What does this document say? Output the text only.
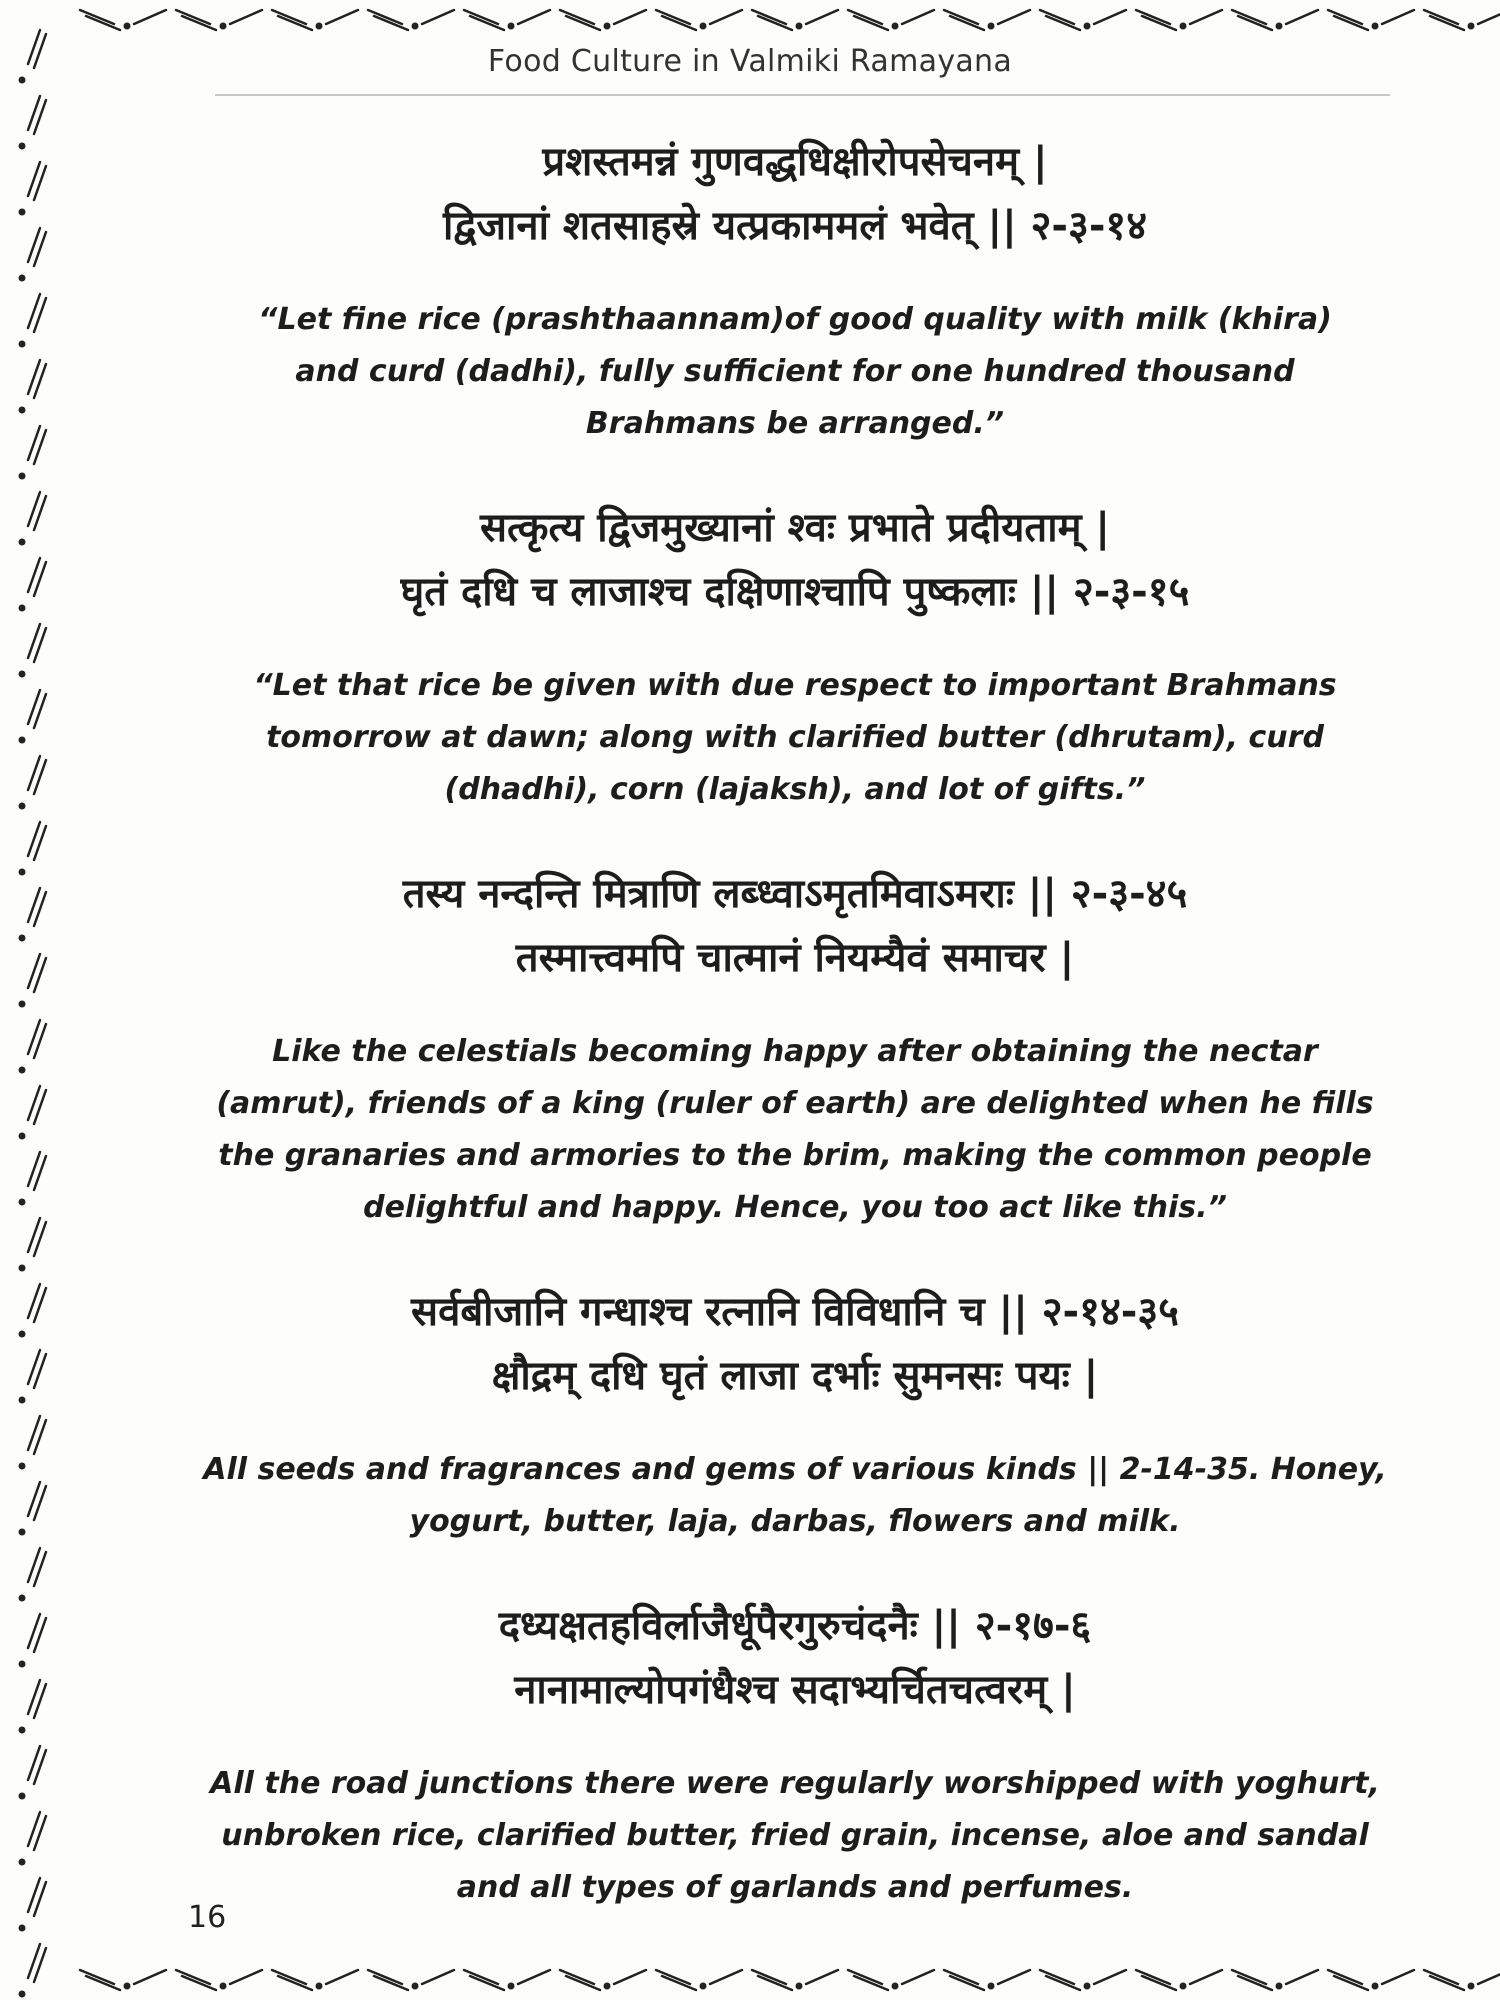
Food Culture in Valmiki Ramayana
प्रशस्तमन्नं गुणवद्धधिक्षीरोपसेचनम् |
द्विजानां शतसाहस्रे यत्प्रकाममलं भवेत् || २-३-१४
“Let fine rice (prashthaannam)of good quality with milk (khira)
and curd (dadhi), fully sufficient for one hundred thousand
Brahmans be arranged.”
सत्कृत्य द्विजमुख्यानां श्वः प्रभाते प्रदीयताम् |
घृतं दधि च लाजाश्च दक्षिणाश्चापि पुष्कलाः || २-३-१५
“Let that rice be given with due respect to important Brahmans
tomorrow at dawn; along with clarified butter (dhrutam), curd
(dhadhi), corn (lajaksh), and lot of gifts.”
तस्य नन्दन्ति मित्राणि लब्ध्वाऽमृतमिवाऽमराः || २-३-४५
तस्मात्त्वमपि चात्मानं नियम्यैवं समाचर |
Like the celestials becoming happy after obtaining the nectar
(amrut), friends of a king (ruler of earth) are delighted when he fills
the granaries and armories to the brim, making the common people
delightful and happy. Hence, you too act like this.”
सर्वबीजानि गन्धाश्च रत्नानि विविधानि च || २-१४-३५
क्षौद्रम् दधि घृतं लाजा दर्भाः सुमनसः पयः |
All seeds and fragrances and gems of various kinds || 2-14-35. Honey,
yogurt, butter, laja, darbas, flowers and milk.
दध्यक्षतहविर्लाजैर्धूपैरगुरुचंदनैः || २-१७-६
नानामाल्योपगंधैश्च सदाभ्यर्चितचत्वरम् |
All the road junctions there were regularly worshipped with yoghurt,
unbroken rice, clarified butter, fried grain, incense, aloe and sandal
and all types of garlands and perfumes.
16
